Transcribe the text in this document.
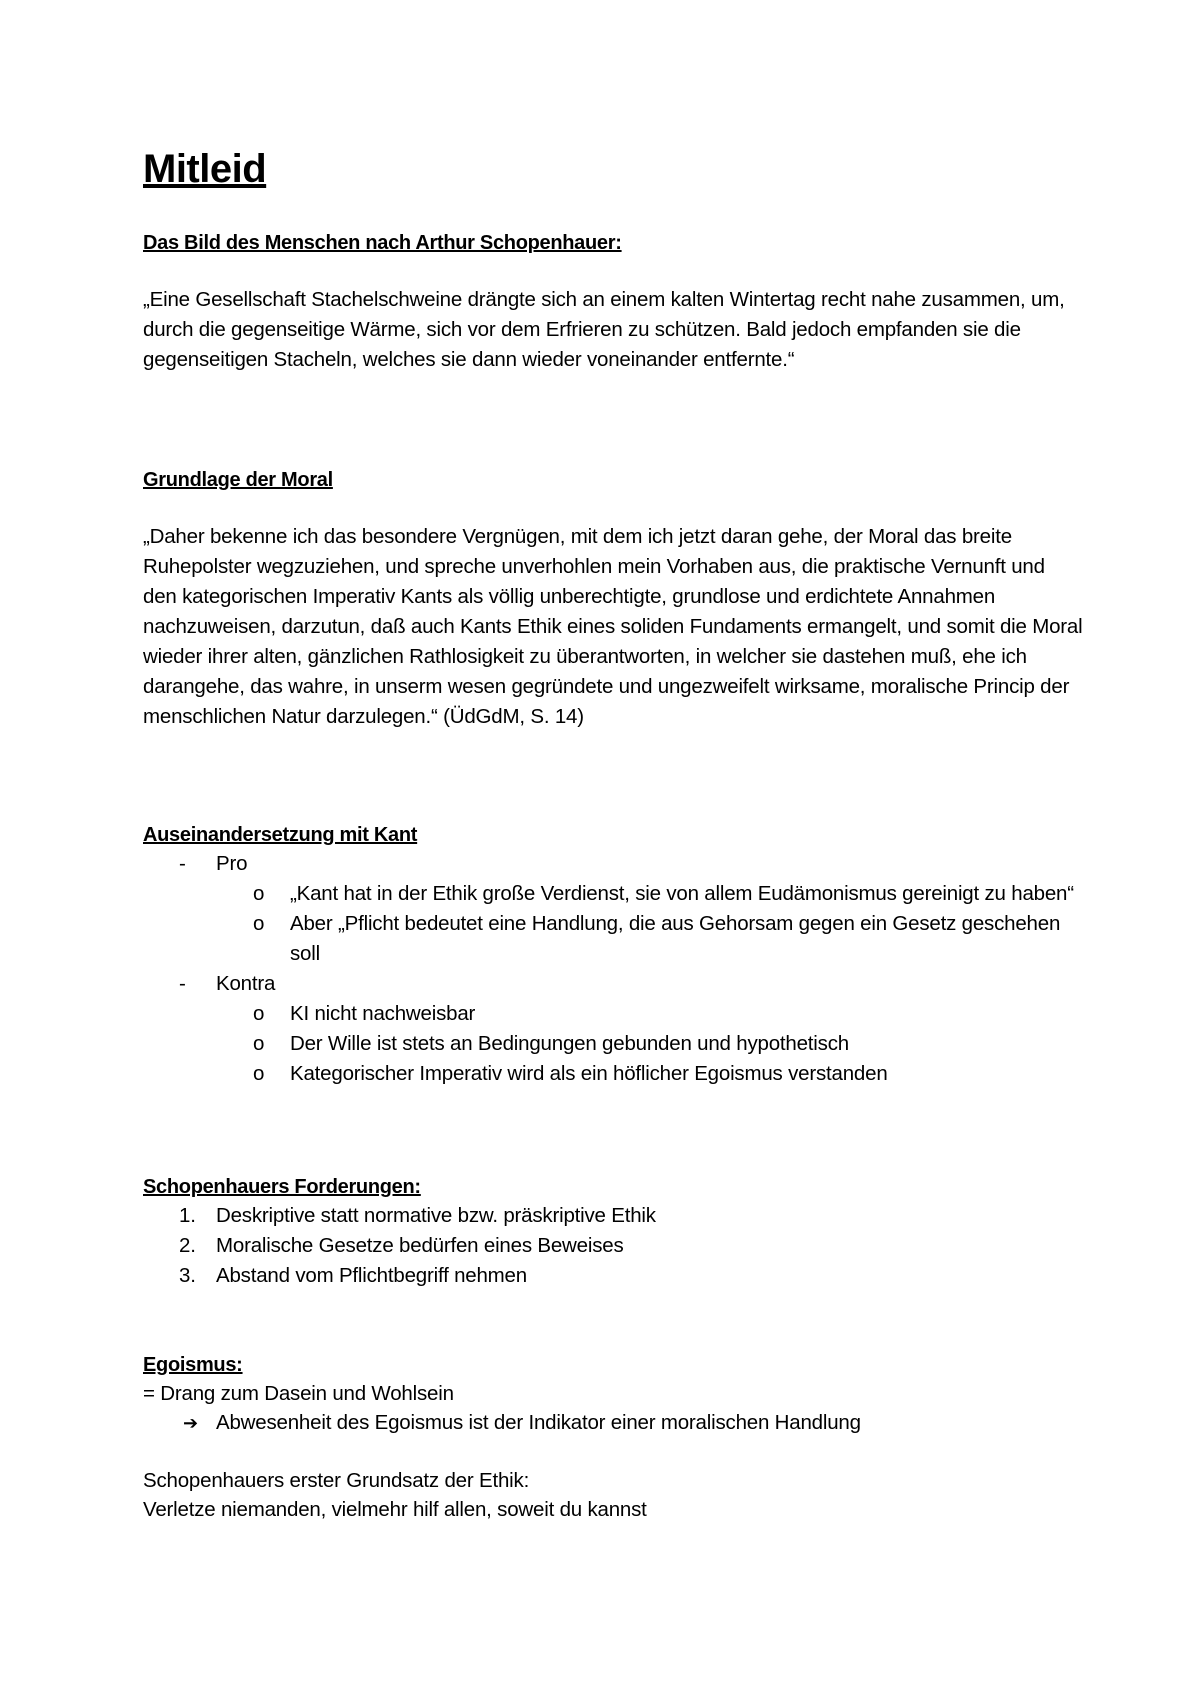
Mitleid
Das Bild des Menschen nach Arthur Schopenhauer:

„Eine Gesellschaft Stachelschweine drängte sich an einem kalten Wintertag recht nahe zusammen, um, durch die gegenseitige Wärme, sich vor dem Erfrieren zu schützen. Bald jedoch empfanden sie die gegenseitigen Stacheln, welches sie dann wieder voneinander entfernte.“

Grundlage der Moral

„Daher bekenne ich das besondere Vergnügen, mit dem ich jetzt daran gehe, der Moral das breite Ruhepolster wegzuziehen, und spreche unverhohlen mein Vorhaben aus, die praktische Vernunft und den kategorischen Imperativ Kants als völlig unberechtigte, grundlose und erdichtete Annahmen nachzuweisen, darzutun, daß auch Kants Ethik eines soliden Fundaments ermangelt, und somit die Moral wieder ihrer alten, gänzlichen Rathlosigkeit zu überantworten, in welcher sie dastehen muß, ehe ich darangehe, das wahre, in unserm wesen gegründete und ungezweifelt wirksame, moralische Princip der menschlichen Natur darzulegen.“ (ÜdGdM, S. 14)

Auseinandersetzung mit Kant
- Pro
o „Kant hat in der Ethik große Verdienst, sie von allem Eudämonismus gereinigt zu haben“
o Aber „Pflicht bedeutet eine Handlung, die aus Gehorsam gegen ein Gesetz geschehen soll
- Kontra
o KI nicht nachweisbar
o Der Wille ist stets an Bedingungen gebunden und hypothetisch
o Kategorischer Imperativ wird als ein höflicher Egoismus verstanden
Schopenhauers Forderungen:
1. Deskriptive statt normative bzw. präskriptive Ethik
2. Moralische Gesetze bedürfen eines Beweises
3. Abstand vom Pflichtbegriff nehmen
Egoismus:

= Drang zum Dasein und Wohlsein

➔ Abwesenheit des Egoismus ist der Indikator einer moralischen Handlung

Schopenhauers erster Grundsatz der Ethik:

Verletze niemanden, vielmehr hilf allen, soweit du kannst
